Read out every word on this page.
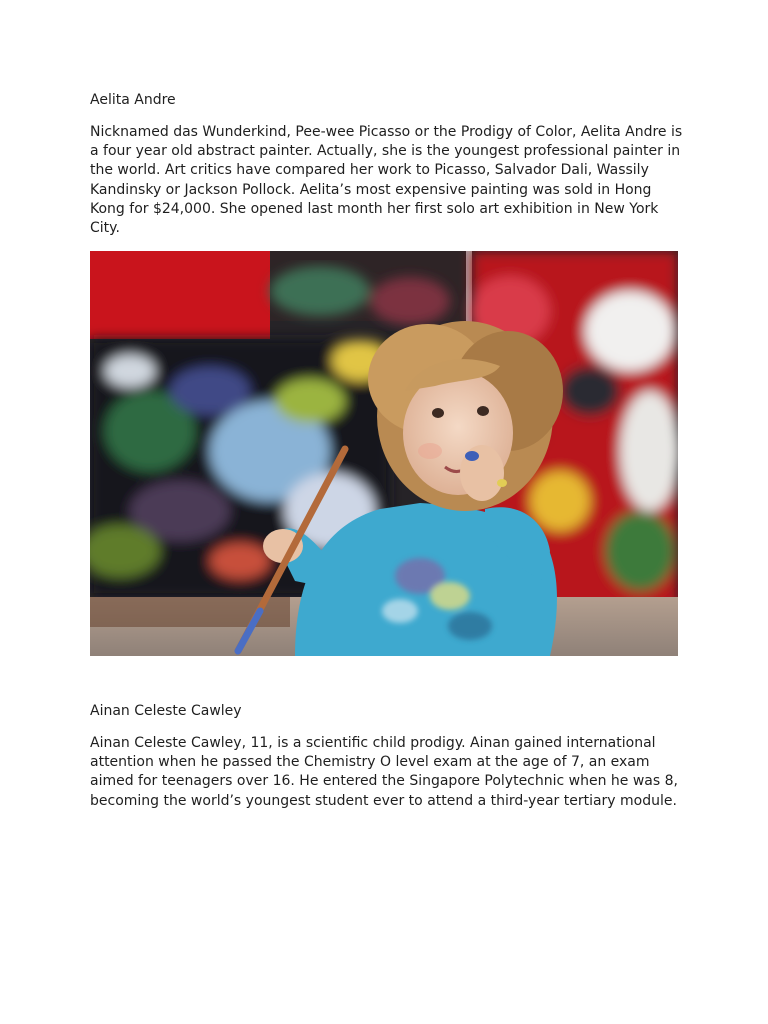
Aelita Andre

Nicknamed das Wunderkind, Pee-wee Picasso or the Prodigy of Color, Aelita Andre is a four year old abstract painter. Actually, she is the youngest professional painter in the world. Art critics have compared her work to Picasso, Salvador Dali, Wassily Kandinsky or Jackson Pollock. Aelita’s most expensive painting was sold in Hong Kong for $24,000. She opened last month her first solo art exhibition in New York City.

Ainan Celeste Cawley

Ainan Celeste Cawley, 11, is a scientific child prodigy. Ainan gained international attention when he passed the Chemistry O level exam at the age of 7, an exam aimed for teenagers over 16. He entered the Singapore Polytechnic when he was 8, becoming the world’s youngest student ever to attend a third-year tertiary module.
